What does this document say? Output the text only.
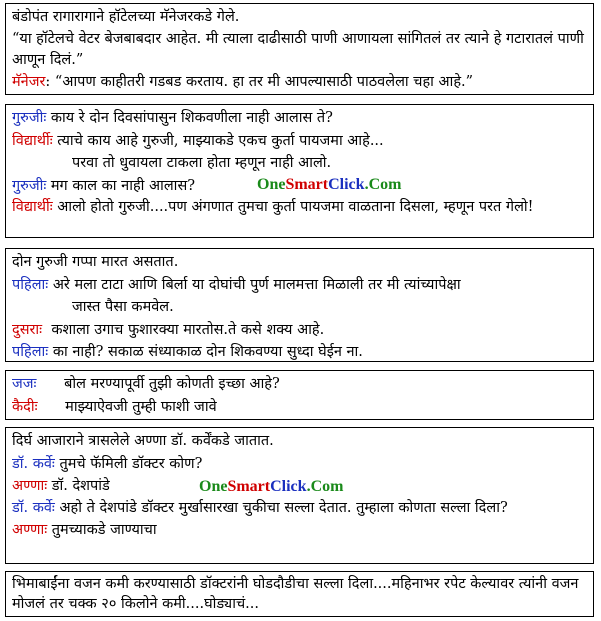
बंडोपंत रागारागाने हॉटेलच्या मॅनेजरकडे गेले.
“या हॉटेलचे वेटर बेजबाबदार आहेत. मी त्याला दाढीसाठी पाणी आणायला सांगितलं तर त्याने हे गटारातलं पाणी आणून दिलं.”
मॅनेजर: “आपण काहीतरी गडबड करताय. हा तर मी आपल्यासाठी पाठवलेला चहा आहे.”
गुरुजीः काय रे दोन दिवसांपासुन शिकवणीला नाही आलास ते?
विद्यार्थीः त्याचे काय आहे गुरुजी, माझ्याकडे एकच कुर्ता पायजमा आहे...
परवा तो धुवायला टाकला होता म्हणून नाही आलो.
गुरुजीः मग काल का नाही आलास?
विद्यार्थीः आलो होतो गुरुजी....पण अंगणात तुमचा कुर्ता पायजमा वाळताना दिसला, म्हणून परत गेलो!
दोन गुरुजी गप्पा मारत असतात.
पहिलाः अरे मला टाटा आणि बिर्ला या दोघांची पुर्ण मालमत्ता मिळाली तर मी त्यांच्यापेक्षा
जास्त पैसा कमवेल.
दुसराः  कशाला उगाच फुशारक्या मारतोस.ते कसे शक्य आहे.
पहिलाः का नाही? सकाळ संध्याकाळ दोन शिकवण्या सुध्दा घेईन ना.
जजः      बोल मरण्यापूर्वी तुझी कोणती इच्छा आहे?
कैदीः      माझ्याऐवजी तुम्ही फाशी जावे
दिर्घ आजाराने त्रासलेले अण्णा डॉ. कर्वेंकडे जातात.
डॉ. कर्वेः तुमचे फॅमिली डॉक्टर कोण?
अण्णाः डॉ. देशपांडे
डॉ. कर्वेः अहो ते देशपांडे डॉक्टर मुर्खासारखा चुकीचा सल्ला देतात. तुम्हाला कोणता सल्ला दिला?
अण्णाः तुमच्याकडे जाण्याचा
भिमाबाईंना वजन कमी करण्यासाठी डॉक्टरांनी घोडदौडीचा सल्ला दिला....महिनाभर रपेट केल्यावर त्यांनी वजन मोजलं तर चक्क २० किलोने कमी....घोड्याचं...
OneSmartClick.Com
OneSmartClick.Com
